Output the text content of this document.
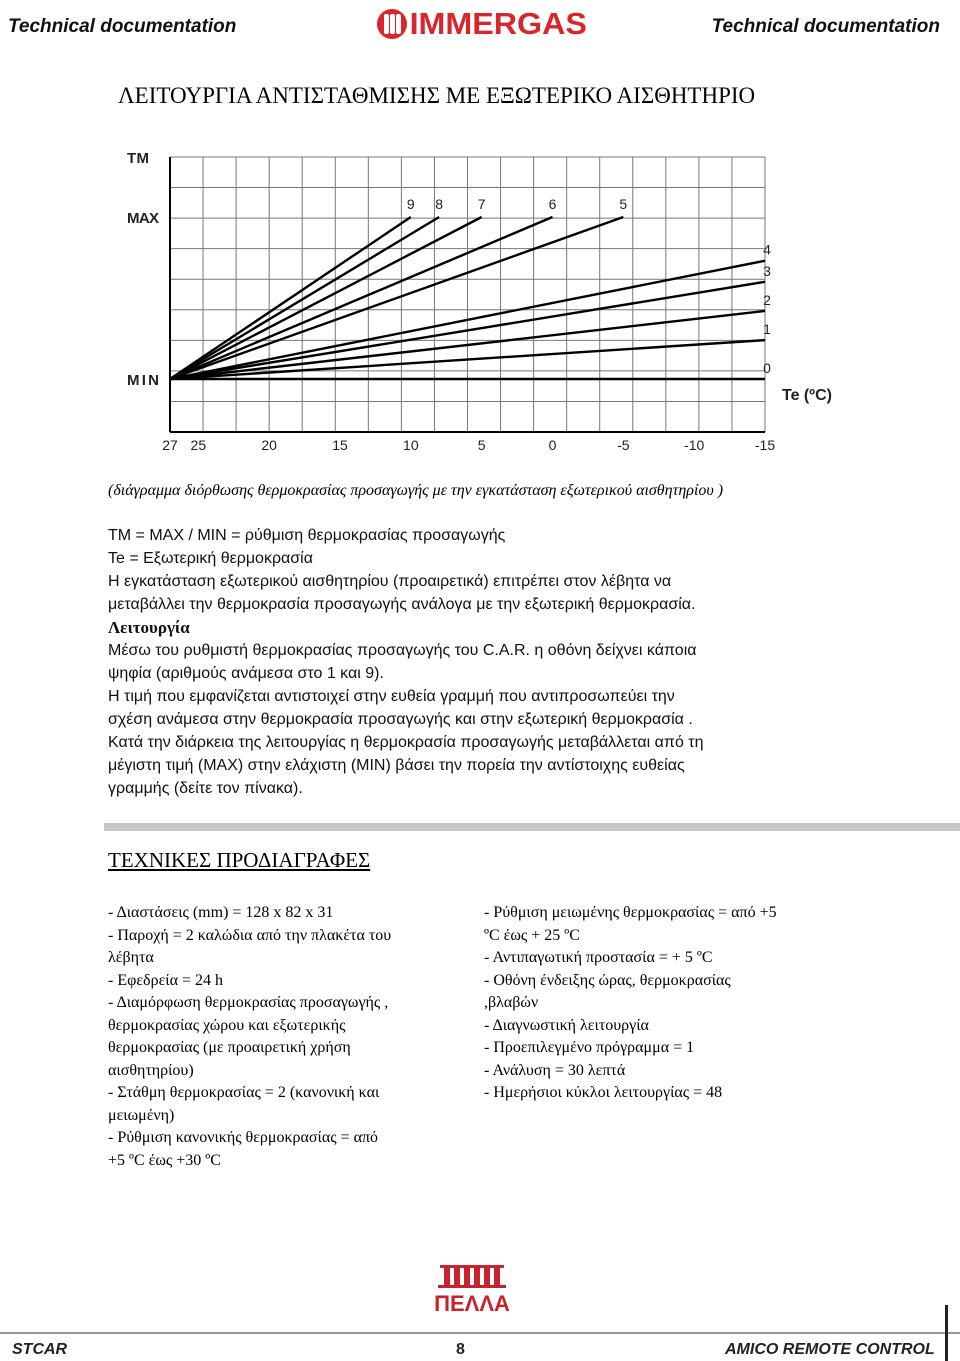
Technical documentation	IMMERGAS	Technical documentation
ΛΕΙΤΟΥΡΓΙΑ ΑΝΤΙΣΤΑΘΜΙΣΗΣ ΜΕ ΕΞΩΤΕΡΙΚΟ ΑΙΣΘΗΤΗΡΙΟ
0
1
2
3
4
5
6
7
8
9
TM
MAX
MIN
27 25	20	15	10	5	0	-5	-10	-15
Te (ºC)
(διάγραμμα διόρθωσης θερμοκρασίας προσαγωγής με την εγκατάσταση εξωτερικού αισθητηρίου )
TM = MAX / MIN = ρύθμιση θερμοκρασίας προσαγωγής
Te = Εξωτερική θερμοκρασία
Η εγκατάσταση εξωτερικού αισθητηρίου (προαιρετικά) επιτρέπει στον λέβητα να
μεταβάλλει την θερμοκρασία προσαγωγής ανάλογα με την εξωτερική θερμοκρασία.
Λειτουργία
Μέσω του ρυθμιστή θερμοκρασίας προσαγωγής του C.A.R. η οθόνη δείχνει κάποια
ψηφία (αριθμούς ανάμεσα στο 1 και 9).
Η τιμή που εμφανίζεται αντιστοιχεί στην ευθεία γραμμή που αντιπροσωπεύει την
σχέση ανάμεσα στην θερμοκρασία προσαγωγής και στην εξωτερική θερμοκρασία .
Κατά την διάρκεια της λειτουργίας η θερμοκρασία προσαγωγής μεταβάλλεται από τη
μέγιστη τιμή (MAX) στην ελάχιστη (MIN) βάσει την πορεία την αντίστοιχης ευθείας
γραμμής (δείτε τον πίνακα).
ΤΕΧΝΙΚΕΣ ΠΡΟΔΙΑΓΡΑΦΕΣ
- Διαστάσεις (mm) = 128 x 82 x 31
- Παροχή = 2 καλώδια από την πλακέτα του
λέβητα
- Εφεδρεία = 24 h
- Διαμόρφωση θερμοκρασίας προσαγωγής ,
θερμοκρασίας χώρου και εξωτερικής
θερμοκρασίας (με προαιρετική χρήση
αισθητηρίου)
- Στάθμη θερμοκρασίας = 2 (κανονική και
μειωμένη)
- Ρύθμιση κανονικής θερμοκρασίας = από
+5 ºC έως +30 ºC
- Ρύθμιση μειωμένης θερμοκρασίας = από +5
ºC έως + 25 ºC
- Αντιπαγωτική προστασία = + 5 ºC
- Οθόνη ένδειξης ώρας, θερμοκρασίας
,βλαβών
- Διαγνωστική λειτουργία
- Προεπιλεγμένο πρόγραμμα = 1
- Ανάλυση = 30 λεπτά
- Ημερήσιοι κύκλοι λειτουργίας = 48
ΠΕΛΛΑ
STCAR	8	AMICO REMOTE CONTROL
